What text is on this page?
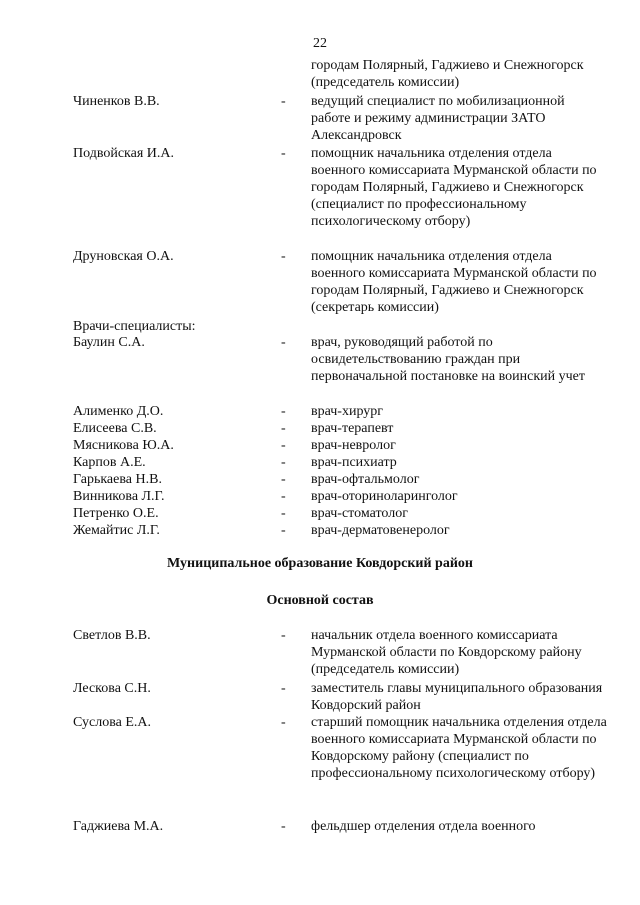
22
городам Полярный, Гаджиево и Снежногорск (председатель комиссии)
Чиненков В.В.	- ведущий специалист по мобилизационной работе и режиму администрации ЗАТО Александровск
Подвойская И.А.	- помощник начальника отделения отдела военного комиссариата Мурманской области по городам Полярный, Гаджиево и Снежногорск (специалист по профессиональному психологическому отбору)
Друновская О.А.	- помощник начальника отделения отдела военного комиссариата Мурманской области по городам Полярный, Гаджиево и Снежногорск (секретарь комиссии)
Врачи-специалисты:
Баулин С.А.	- врач, руководящий работой по освидетельствованию граждан при первоначальной постановке на воинский учет
Алименко Д.О.	- врач-хирург
Елисеева С.В.	- врач-терапевт
Мясникова Ю.А.	- врач-невролог
Карпов А.Е.	- врач-психиатр
Гарькаева Н.В.	- врач-офтальмолог
Винникова Л.Г.	- врач-оториноларинголог
Петренко О.Е.	- врач-стоматолог
Жемайтис Л.Г.	- врач-дерматовенеролог
Муниципальное образование Ковдорский район
Основной состав
Светлов В.В.	- начальник отдела военного комиссариата Мурманской области по Ковдорскому району (председатель комиссии)
Лескова С.Н.	- заместитель главы муниципального образования Ковдорский район
Суслова Е.А.	- старший помощник начальника отделения отдела военного комиссариата Мурманской области по Ковдорскому району (специалист по профессиональному психологическому отбору)
Гаджиева М.А.	- фельдшер отделения отдела военного
